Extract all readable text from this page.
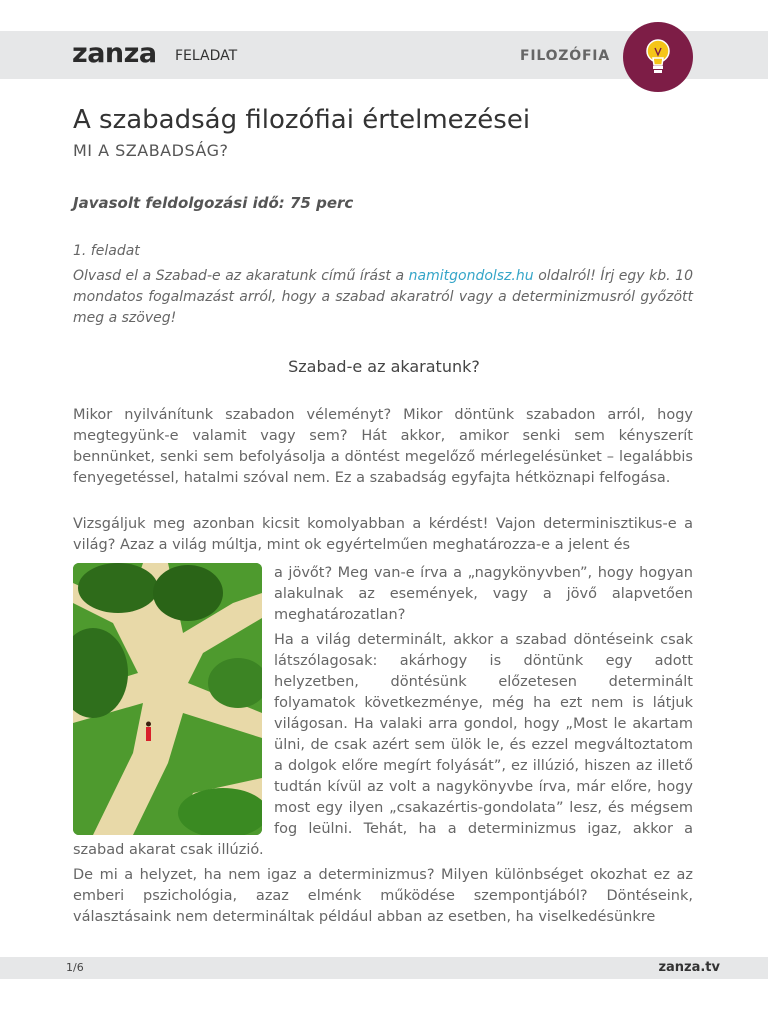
zanza FELADAT	FILOZÓFIA
A szabadság filozófiai értelmezései
MI A SZABADSÁG?
Javasolt feldolgozási idő: 75 perc
1. feladat

Olvasd el a Szabad-e az akaratunk című írást a namitgondolsz.hu oldalról! Írj egy kb. 10 mondatos fogalmazást arról, hogy a szabad akaratról vagy a determinizmusról győzött meg a szöveg!

Szabad-e az akaratunk?

Mikor nyilvánítunk szabadon véleményt? Mikor döntünk szabadon arról, hogy megtegyünk-e valamit vagy sem? Hát akkor, amikor senki sem kényszerít bennünket, senki sem befolyásolja a döntést megelőző mérlegelésünket – legalábbis fenyegetéssel, hatalmi szóval nem. Ez a szabadság egyfajta hétköznapi felfogása.

Vizsgáljuk meg azonban kicsit komolyabban a kérdést! Vajon determinisztikus-e a világ? Azaz a világ múltja, mint ok egyértelműen meghatározza-e a jelent és

a jövőt? Meg van-e írva a „nagykönyvben”, hogy hogyan alakulnak az események, vagy a jövő alapvetően meghatározatlan?

Ha a világ determinált, akkor a szabad döntéseink csak látszólagosak: akárhogy is döntünk egy adott helyzetben, döntésünk előzetesen determinált folyamatok következménye, még ha ezt nem is látjuk világosan. Ha valaki arra gondol, hogy „Most le akartam ülni, de csak azért sem ülök le, és ezzel megváltoztatom a dolgok előre megírt folyását”, ez illúzió, hiszen az illető tudtán kívül az volt a nagykönyvbe írva, már előre, hogy most egy ilyen „csakazértis-gondolata” lesz, és mégsem fog leülni. Tehát, ha a determinizmus igaz, akkor a szabad akarat csak illúzió.

De mi a helyzet, ha nem igaz a determinizmus? Milyen különbséget okozhat ez az emberi pszichológia, azaz elménk működése szempontjából? Döntéseink, választásaink nem determináltak például abban az esetben, ha viselkedésünkre

1/6	zanza.tv
